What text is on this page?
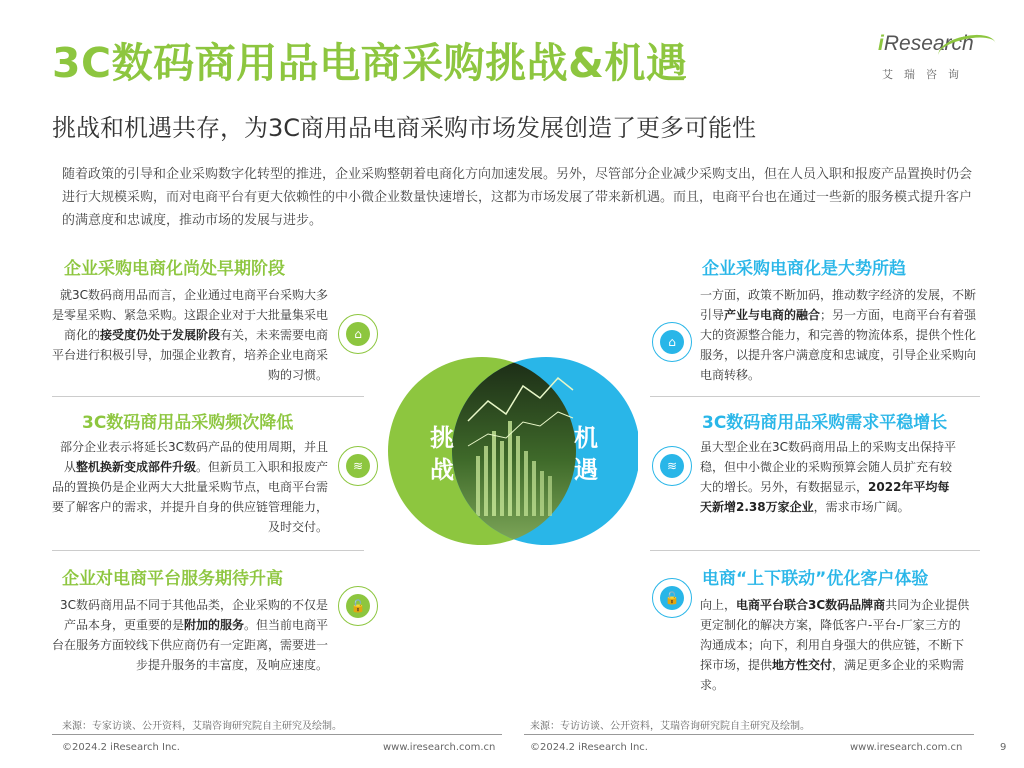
3C数码商用品电商采购挑战&机遇
挑战和机遇共存，为3C商用品电商采购市场发展创造了更多可能性
iResearch
艾瑞咨询
随着政策的引导和企业采购数字化转型的推进，企业采购整朝着电商化方向加速发展。另外，尽管部分企业减少采购支出，但在人员入职和报废产品置换时仍会进行大规模采购，而对电商平台有更大依赖性的中小微企业数量快速增长，这都为市场发展了带来新机遇。而且，电商平台也在通过一些新的服务模式提升客户的满意度和忠诚度，推动市场的发展与进步。
企业采购电商化尚处早期阶段
就3C数码商用品而言，企业通过电商平台采购大多是零星采购、紧急采购。这跟企业对于大批量集采电商化的接受度仍处于发展阶段有关，未来需要电商平台进行积极引导，加强企业教育，培养企业电商采购的习惯。
3C数码商用品采购频次降低
部分企业表示将延长3C数码产品的使用周期，并且从整机换新变成部件升级。但新员工入职和报废产品的置换仍是企业两大大批量采购节点，电商平台需要了解客户的需求，并提升自身的供应链管理能力，及时交付。
企业对电商平台服务期待升高
3C数码商用品不同于其他品类，企业采购的不仅是产品本身，更重要的是附加的服务。但当前电商平台在服务方面较线下供应商仍有一定距离，需要进一步提升服务的丰富度，及响应速度。
⌂
≋
🔓
挑
战
机
遇
⌂
≋
🔓
企业采购电商化是大势所趋
一方面，政策不断加码，推动数字经济的发展，不断引导产业与电商的融合；另一方面，电商平台有着强大的资源整合能力，和完善的物流体系，提供个性化服务，以提升客户满意度和忠诚度，引导企业采购向电商转移。
3C数码商用品采购需求平稳增长
虽大型企业在3C数码商用品上的采购支出保持平稳，但中小微企业的采购预算会随人员扩充有较大的增长。另外，有数据显示，2022年平均每天新增2.38万家企业，需求市场广阔。
电商“上下联动”优化客户体验
向上，电商平台联合3C数码品牌商共同为企业提供更定制化的解决方案，降低客户-平台-厂家三方的沟通成本；向下，利用自身强大的供应链，不断下探市场，提供地方性交付，满足更多企业的采购需求。
来源：专家访谈、公开资料，艾瑞咨询研究院自主研究及绘制。	来源：专访访谈、公开资料，艾瑞咨询研究院自主研究及绘制。
©2024.2 iResearch Inc.	www.iresearch.com.cn	©2024.2 iResearch Inc.	www.iresearch.com.cn	9
